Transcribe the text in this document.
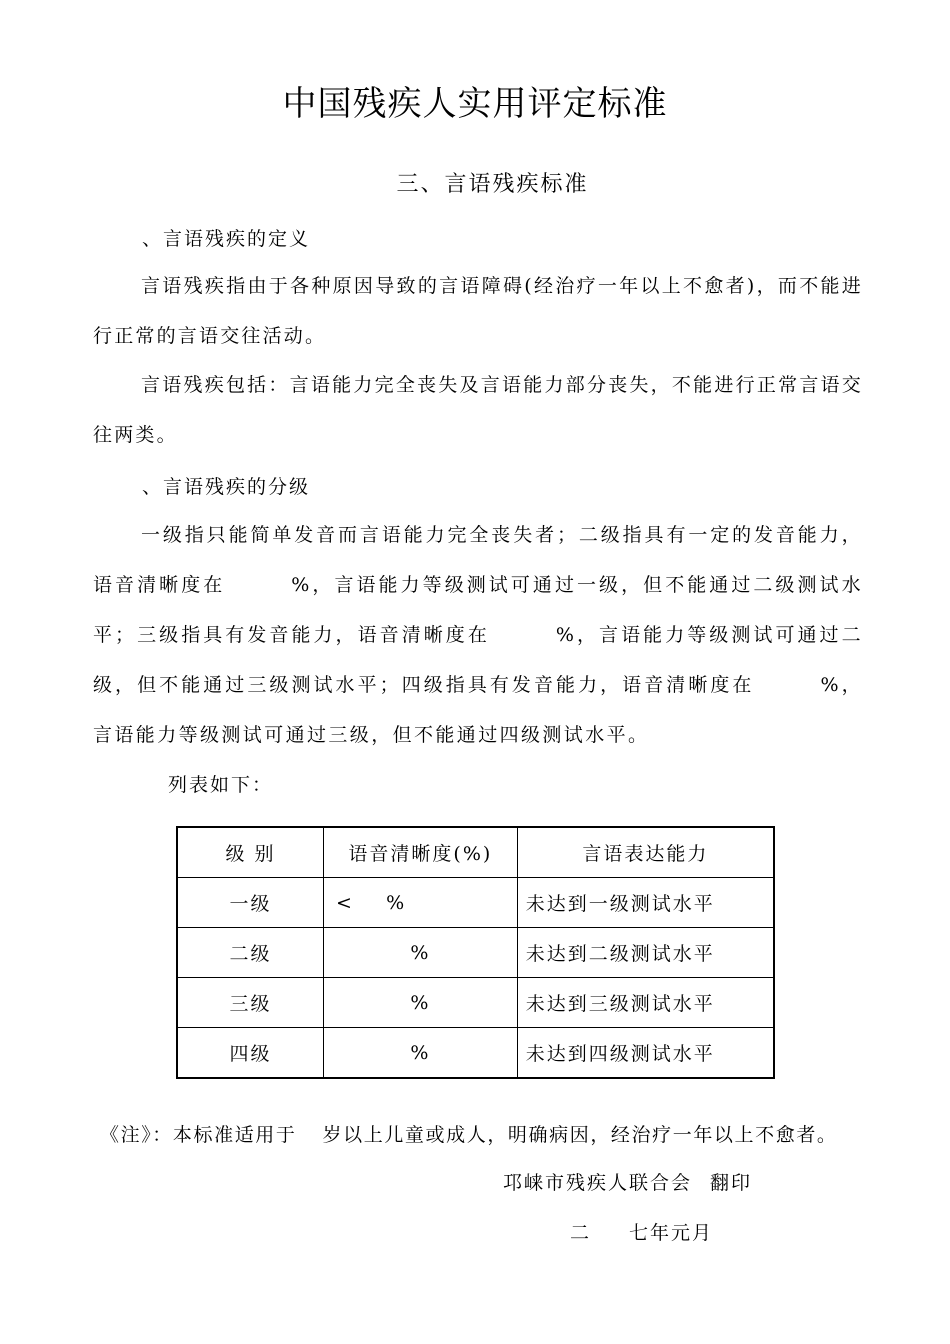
中国残疾人实用评定标准
三、言语残疾标准
、言语残疾的定义
言语残疾指由于各种原因导致的言语障碍(经治疗一年以上不愈者)，而不能进行正常的言语交往活动。
言语残疾包括：言语能力完全丧失及言语能力部分丧失，不能进行正常言语交往两类。
、言语残疾的分级
一级指只能简单发音而言语能力完全丧失者；二级指具有一定的发音能力，语音清晰度在	%，言语能力等级测试可通过一级，但不能通过二级测试水平；三级指具有发音能力，语音清晰度在	%，言语能力等级测试可通过二级，但不能通过三级测试水平；四级指具有发音能力，语音清晰度在	%，言语能力等级测试可通过三级，但不能通过四级测试水平。
列表如下：
级 别	语音清晰度(%)	言语表达能力
一级	<    %	未达到一级测试水平
二级	%	未达到二级测试水平
三级	%	未达到三级测试水平
四级	%	未达到四级测试水平
《注》：本标准适用于 岁以上儿童或成人，明确病因，经治疗一年以上不愈者。
邛崃市残疾人联合会 翻印
二 七年元月
